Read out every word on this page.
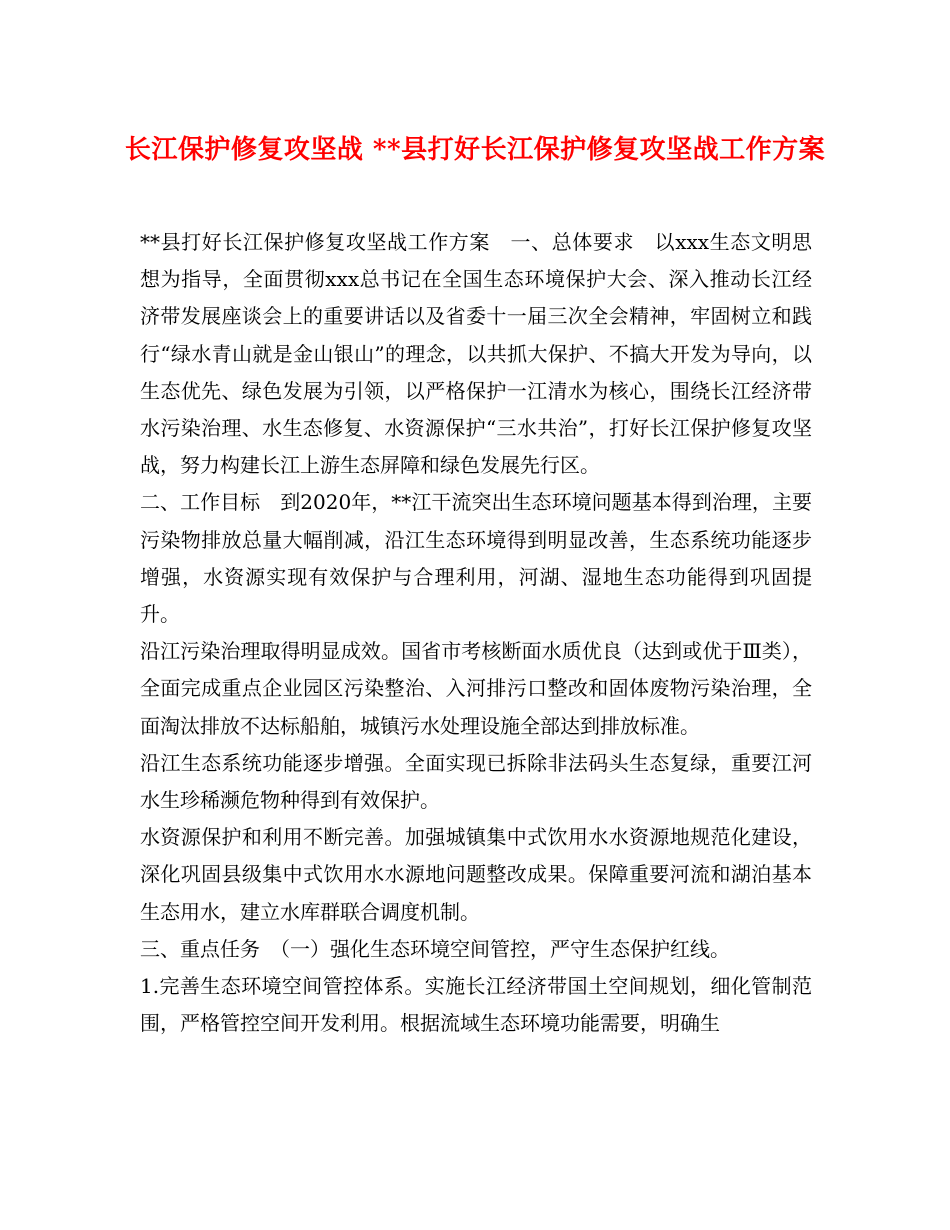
长江保护修复攻坚战 **县打好长江保护修复攻坚战工作方案

**县打好长江保护修复攻坚战工作方案　一、总体要求　以xxx生态文明思想为指导，全面贯彻xxx总书记在全国生态环境保护大会、深入推动长江经济带发展座谈会上的重要讲话以及省委十一届三次全会精神，牢固树立和践行“绿水青山就是金山银山”的理念，以共抓大保护、不搞大开发为导向，以生态优先、绿色发展为引领，以严格保护一江清水为核心，围绕长江经济带水污染治理、水生态修复、水资源保护“三水共治”，打好长江保护修复攻坚战，努力构建长江上游生态屏障和绿色发展先行区。

二、工作目标　到2020年，**江干流突出生态环境问题基本得到治理，主要污染物排放总量大幅削减，沿江生态环境得到明显改善，生态系统功能逐步增强，水资源实现有效保护与合理利用，河湖、湿地生态功能得到巩固提升。

沿江污染治理取得明显成效。国省市考核断面水质优良（达到或优于Ⅲ类），全面完成重点企业园区污染整治、入河排污口整改和固体废物污染治理，全面淘汰排放不达标船舶，城镇污水处理设施全部达到排放标准。

沿江生态系统功能逐步增强。全面实现已拆除非法码头生态复绿，重要江河水生珍稀濒危物种得到有效保护。

水资源保护和利用不断完善。加强城镇集中式饮用水水资源地规范化建设，深化巩固县级集中式饮用水水源地问题整改成果。保障重要河流和湖泊基本生态用水，建立水库群联合调度机制。

三、重点任务　（一）强化生态环境空间管控，严守生态保护红线。

1.完善生态环境空间管控体系。实施长江经济带国土空间规划，细化管制范围，严格管控空间开发利用。根据流域生态环境功能需要，明确生
